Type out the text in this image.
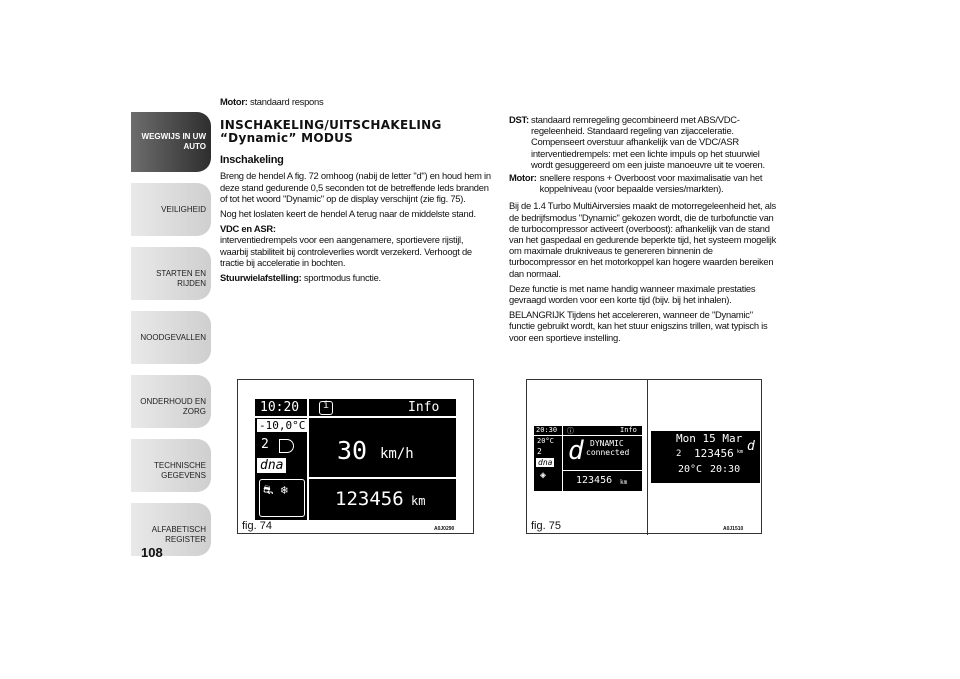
WEGWIJS IN UW AUTO
VEILIGHEID
STARTEN EN RIJDEN
NOODGEVALLEN
ONDERHOUD EN ZORG
TECHNISCHE GEGEVENS
ALFABETISCH REGISTER
108

Motor: standaard respons

INSCHAKELING/UITSCHAKELING
“Dynamic” MODUS
Inschakeling

Breng de hendel A fig. 72 omhoog (nabij de letter "d") en houd hem in deze stand gedurende 0,5 seconden tot de betreffende leds branden of tot het woord "Dynamic" op de display verschijnt (zie fig. 75).

Nog het loslaten keert de hendel A terug naar de middelste stand.

VDC en ASR:

interventiedrempels voor een aangenamere, sportievere rijstijl, waarbij stabiliteit bij controleverlies wordt verzekerd. Verhoogt de tractie bij acceleratie in bochten.

Stuurwielafstelling: sportmodus functie.

DST: standaard remregeling gecombineerd met ABS/VDC-regeleenheid. Standaard regeling van zijacceleratie. Compenseert overstuur afhankelijk van de VDC/ASR interventiedrempels: met een lichte impuls op het stuurwiel wordt gesuggereerd om een juiste manoeuvre uit te voeren.
Motor: snellere respons + Overboost voor maximalisatie van het koppelniveau (voor bepaalde versies/markten).

Bij de 1.4 Turbo MultiAirversies maakt de motorregeleenheid het, als de bedrijfsmodus "Dynamic" gekozen wordt, die de turbofunctie van de turbocompressor activeert (overboost): afhankelijk van de stand van het gaspedaal en gedurende beperkte tijd, het systeem mogelijk om maximale drukniveaus te genereren binnenin de turbocompressor en het motorkoppel kan hogere waarden bereiken dan normaal.

Deze functie is met name handig wanneer maximale prestaties gevraagd worden voor een korte tijd (bijv. bij het inhalen).

BELANGRIJK Tijdens het accelereren, wanneer de "Dynamic" functie gebruikt wordt, kan het stuur enigszins trillen, wat typisch is voor een sportieve instelling.

10:20 i	Info
-10,0°C
2
dna
⛐ ❄
30 km/h
123456 km
fig. 74	A0J0290
20:30	Info
ⓘ
20°C
2
dna
◈
d DYNAMIC
connected
123456 km
Mon 15 Mar
d
2 123456 km
20°C 20:30
fig. 75	A0J1510
